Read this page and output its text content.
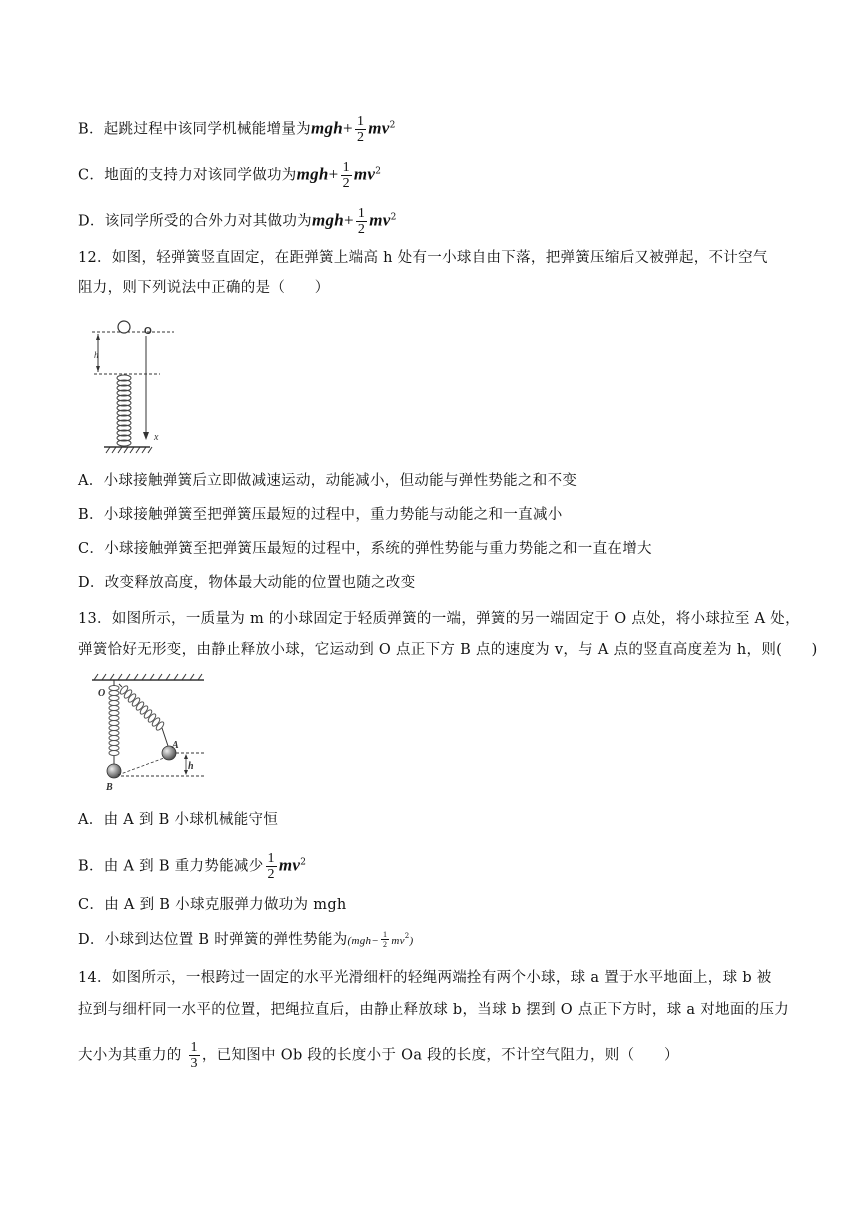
B．起跳过程中该同学机械能增量为$mgh+ \frac{1}{2} mv^2$
C．地面的支持力对该同学做功为$mgh+ \frac{1}{2} mv^2$
D．该同学所受的合外力对其做功为$mgh+ \frac{1}{2} mv^2$
12．如图，轻弹簧竖直固定，在距弹簧上端高 h 处有一小球自由下落，把弹簧压缩后又被弹起，不计空气
阻力，则下列说法中正确的是（　　）
h
O
x
A．小球接触弹簧后立即做减速运动，动能减小，但动能与弹性势能之和不变
B．小球接触弹簧至把弹簧压最短的过程中，重力势能与动能之和一直减小
C．小球接触弹簧至把弹簧压最短的过程中，系统的弹性势能与重力势能之和一直在增大
D．改变释放高度，物体最大动能的位置也随之改变
13．如图所示，一质量为 m 的小球固定于轻质弹簧的一端，弹簧的另一端固定于 O 点处，将小球拉至 A 处，
弹簧恰好无形变，由静止释放小球，它运动到 O 点正下方 B 点的速度为 v，与 A 点的竖直高度差为 h，则(　　)
O
A
h
B
A．由 A 到 B 小球机械能守恒
B．由 A 到 B 重力势能减少 $\frac{1}{2} mv^2$
C．由 A 到 B 小球克服弹力做功为 mgh
D．小球到达位置 B 时弹簧的弹性势能为$(mgh- \frac{1}{2} mv^2)$
14．如图所示，一根跨过一固定的水平光滑细杆的轻绳两端拴有两个小球，球 a 置于水平地面上，球 b 被
拉到与细杆同一水平的位置，把绳拉直后，由静止释放球 b，当球 b 摆到 O 点正下方时，球 a 对地面的压力
大小为其重力的 $\frac{1}{3}$ ，已知图中 Ob 段的长度小于 Oa 段的长度，不计空气阻力，则（　　）
